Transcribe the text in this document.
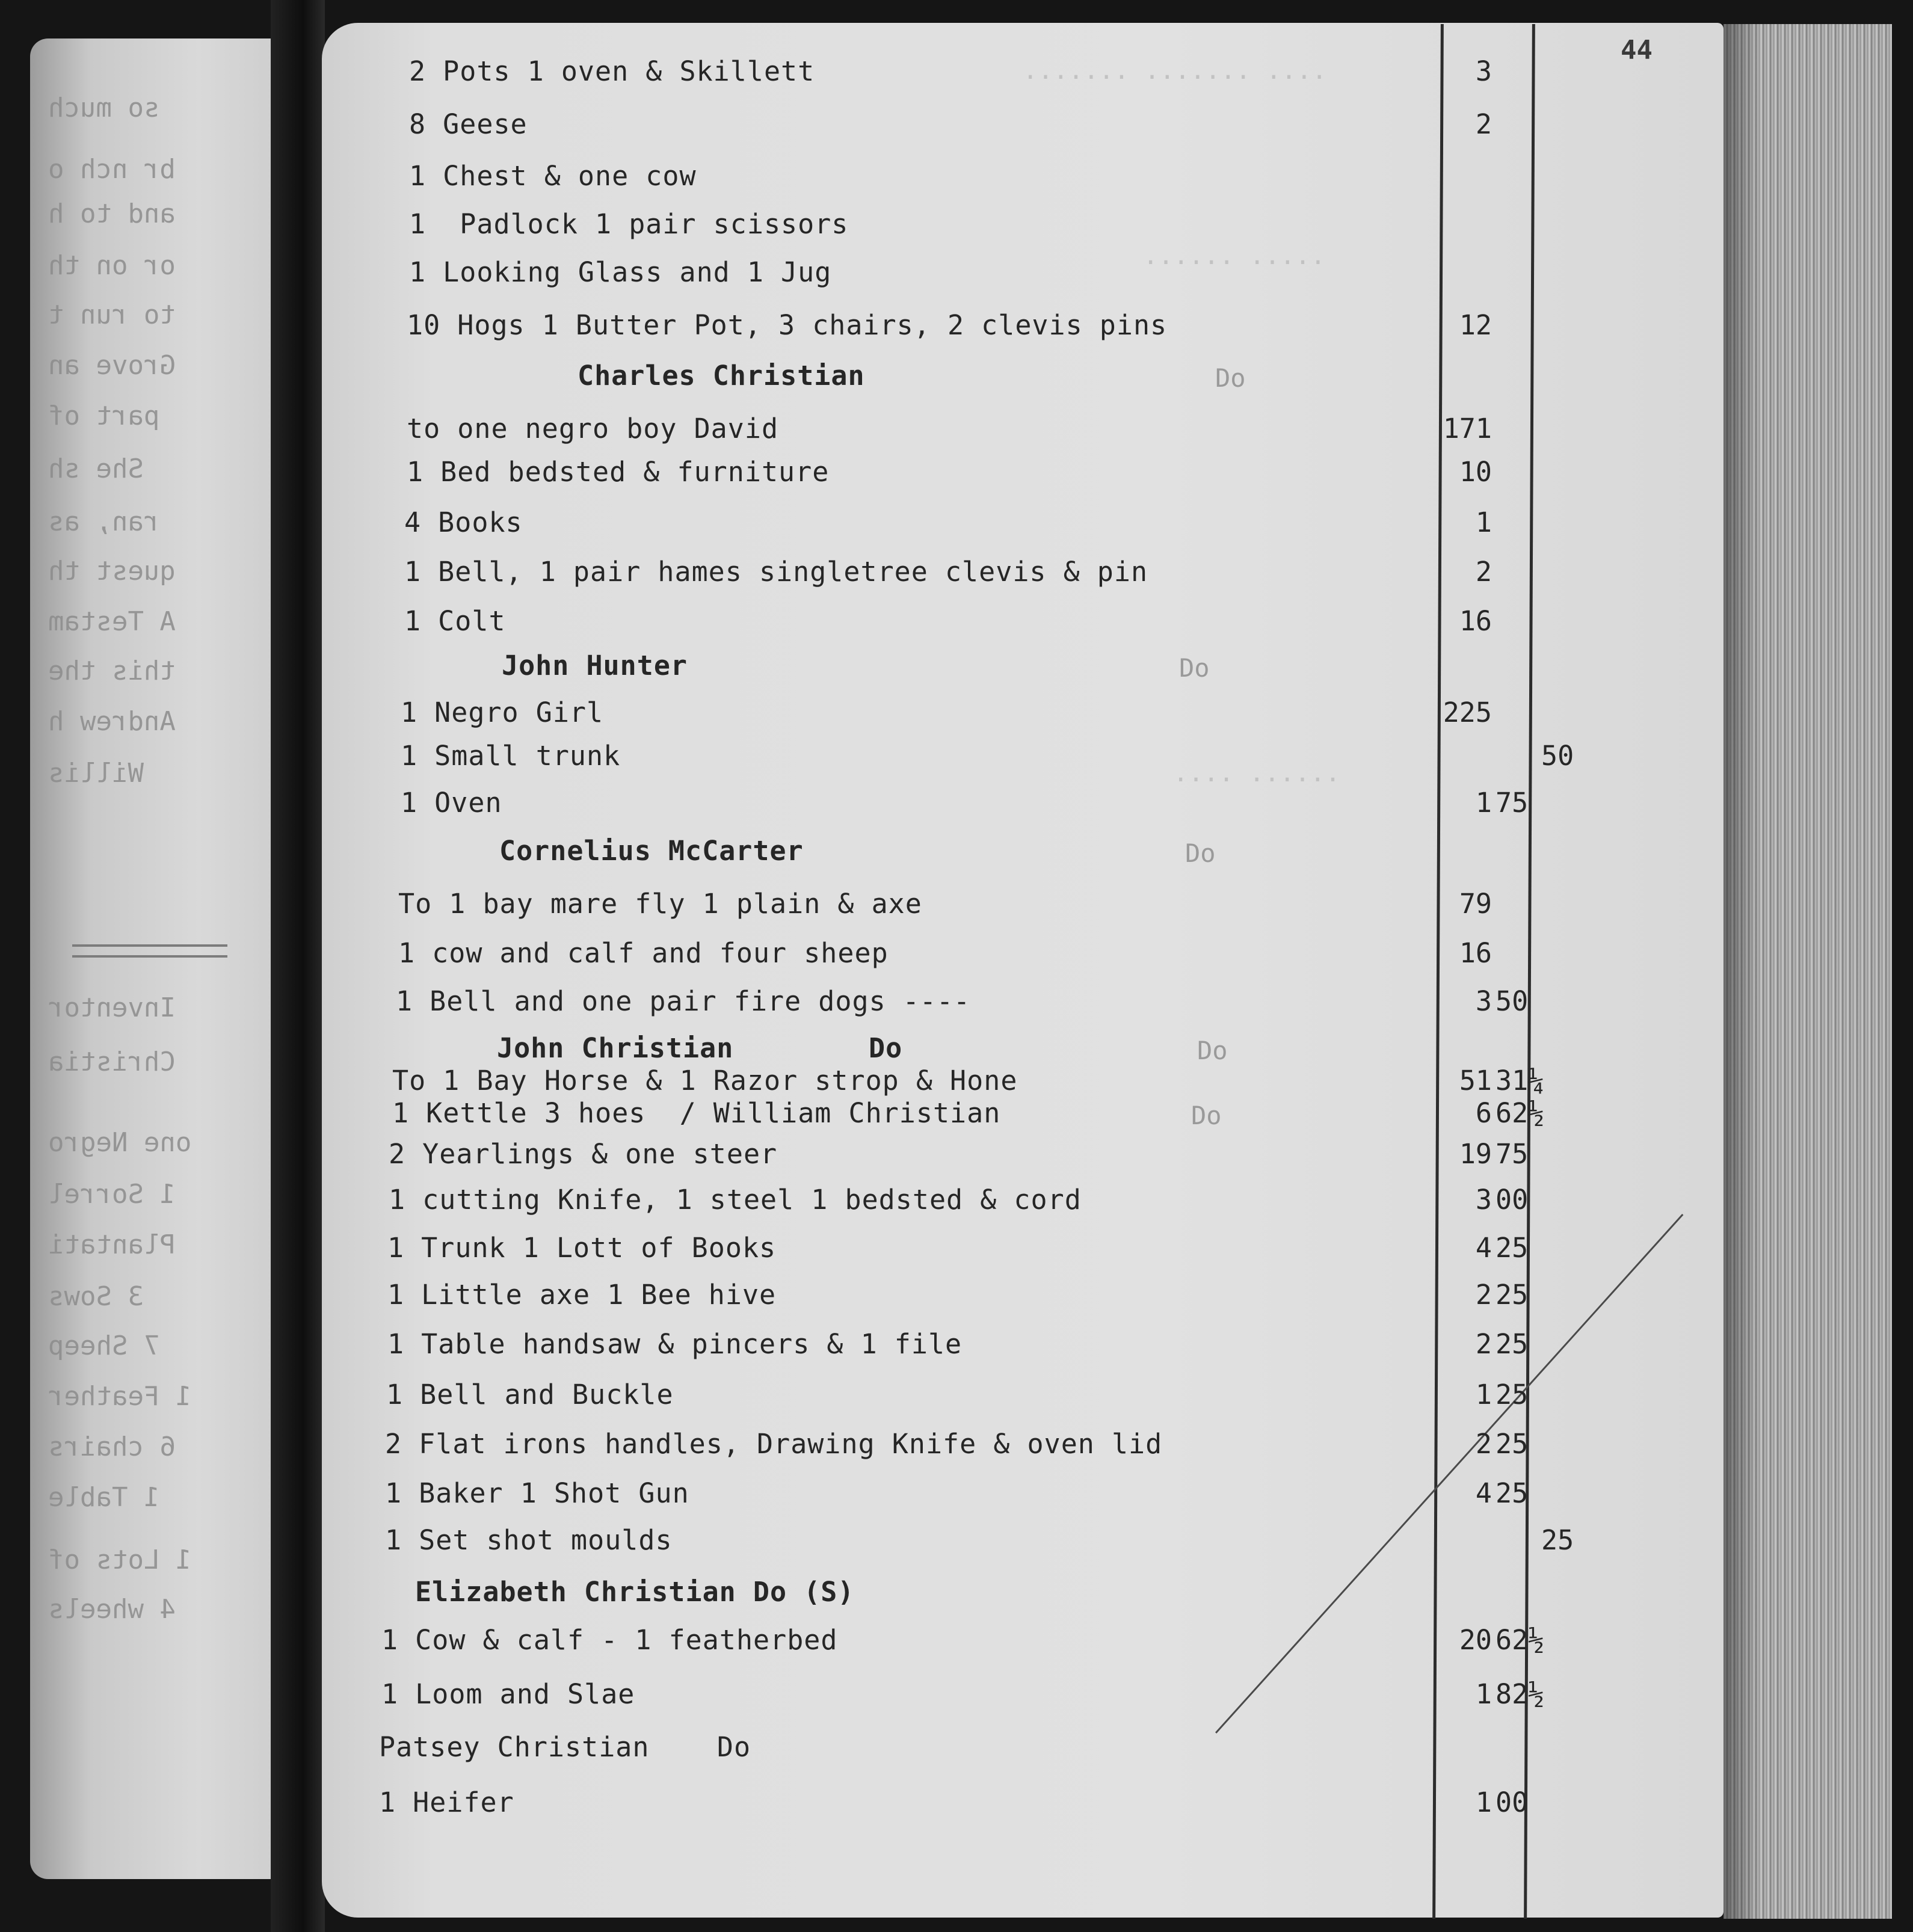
so much
br nch o
and to h
or on th
to run t
Grove an
part of
She sh
ran, as
quest th
A Testam
this the
Andrew h
Willis
Inventor
Christia
one Negro
1 Sorrel
Plantati
3 Sows
7 Sheep
1 Feather
6 chairs
1 Table
1 Lots of
4 wheels
.... ....... .......
..... ......
...... ....
44
2 Pots 1 oven & Skillett	3
8 Geese	2
1 Chest & one cow
1  Padlock 1 pair scissors
1 Looking Glass and 1 Jug
10 Hogs 1 Butter Pot, 3 chairs, 2 clevis pins	12
Charles Christian	Do
to one negro boy David	171
1 Bed bedsted & furniture	10
4 Books	1
1 Bell, 1 pair hames singletree clevis & pin	2
1 Colt	16
John Hunter	Do
1 Negro Girl	225
1 Small trunk	50
1 Oven	1 75
Cornelius McCarter	Do
To 1 bay mare fly 1 plain & axe	79
1 cow and calf and four sheep	16
1 Bell and one pair fire dogs ----	3 50
John Christian        Do	Do
To 1 Bay Horse & 1 Razor strop & Hone	51 31¼
1 Kettle 3 hoes  / William Christian	Do	6 62½
2 Yearlings & one steer	19 75
1 cutting Knife, 1 steel 1 bedsted & cord	3 00
1 Trunk 1 Lott of Books	4 25
1 Little axe 1 Bee hive	2 25
1 Table handsaw & pincers & 1 file	2 25
1 Bell and Buckle	1 25
2 Flat irons handles, Drawing Knife & oven lid	2 25
1 Baker 1 Shot Gun	4 25
1 Set shot moulds	25
Elizabeth Christian Do (S)
1 Cow & calf - 1 featherbed	20 62½
1 Loom and Slae	1 82½
Patsey Christian    Do
1 Heifer	1 00
